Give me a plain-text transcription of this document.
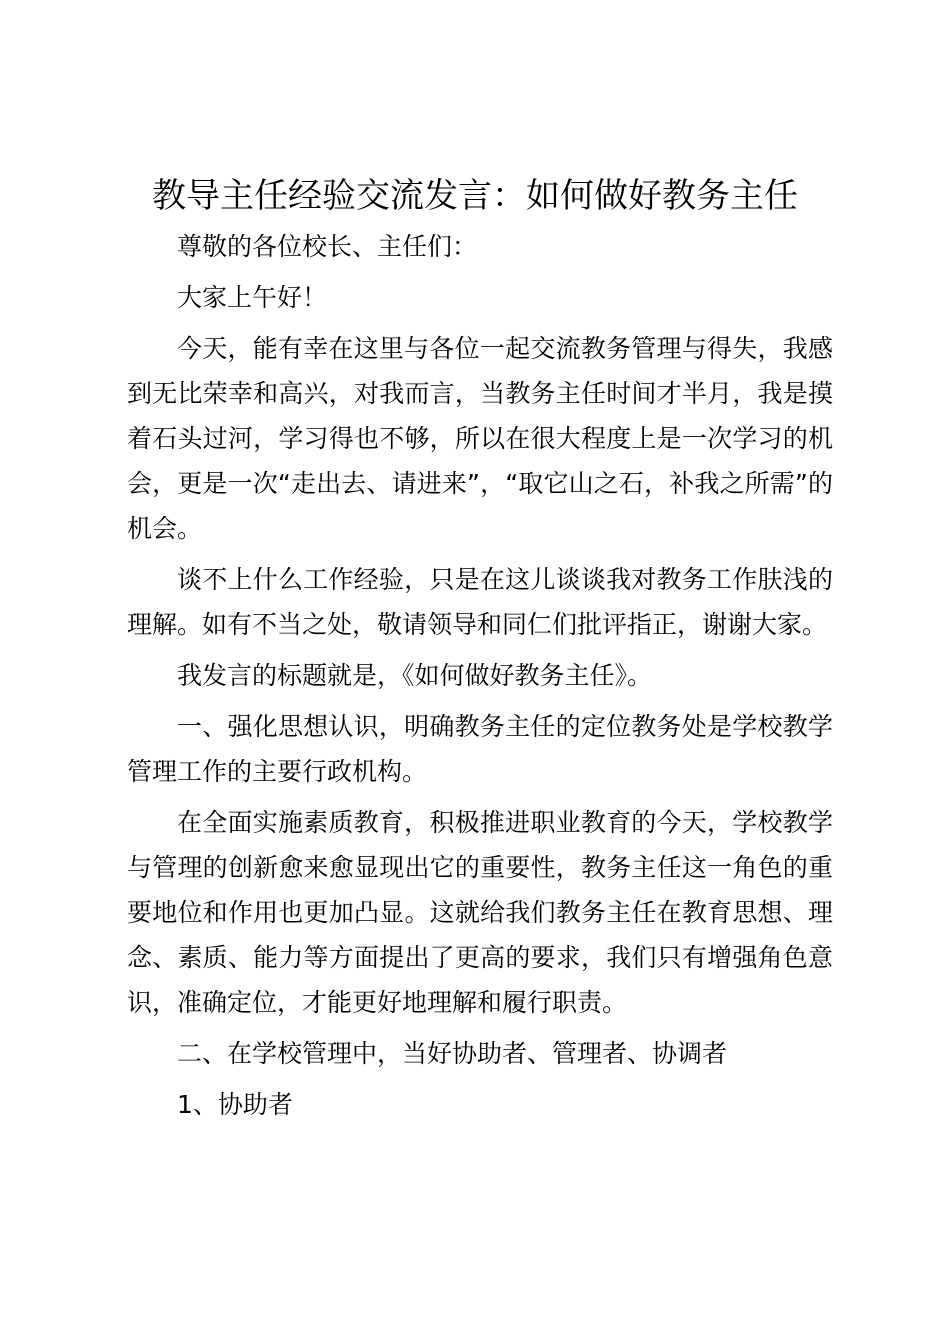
教导主任经验交流发言：如何做好教务主任

尊敬的各位校长、主任们：

大家上午好！

今天，能有幸在这里与各位一起交流教务管理与得失，我感到无比荣幸和高兴，对我而言，当教务主任时间才半月，我是摸着石头过河，学习得也不够，所以在很大程度上是一次学习的机会，更是一次“走出去、请进来”，“取它山之石，补我之所需”的机会。

谈不上什么工作经验，只是在这儿谈谈我对教务工作肤浅的理解。如有不当之处，敬请领导和同仁们批评指正，谢谢大家。

我发言的标题就是，《如何做好教务主任》。

一、强化思想认识，明确教务主任的定位教务处是学校教学管理工作的主要行政机构。

在全面实施素质教育，积极推进职业教育的今天，学校教学与管理的创新愈来愈显现出它的重要性，教务主任这一角色的重要地位和作用也更加凸显。这就给我们教务主任在教育思想、理念、素质、能力等方面提出了更高的要求，我们只有增强角色意识，准确定位，才能更好地理解和履行职责。

二、在学校管理中，当好协助者、管理者、协调者

1、协助者
